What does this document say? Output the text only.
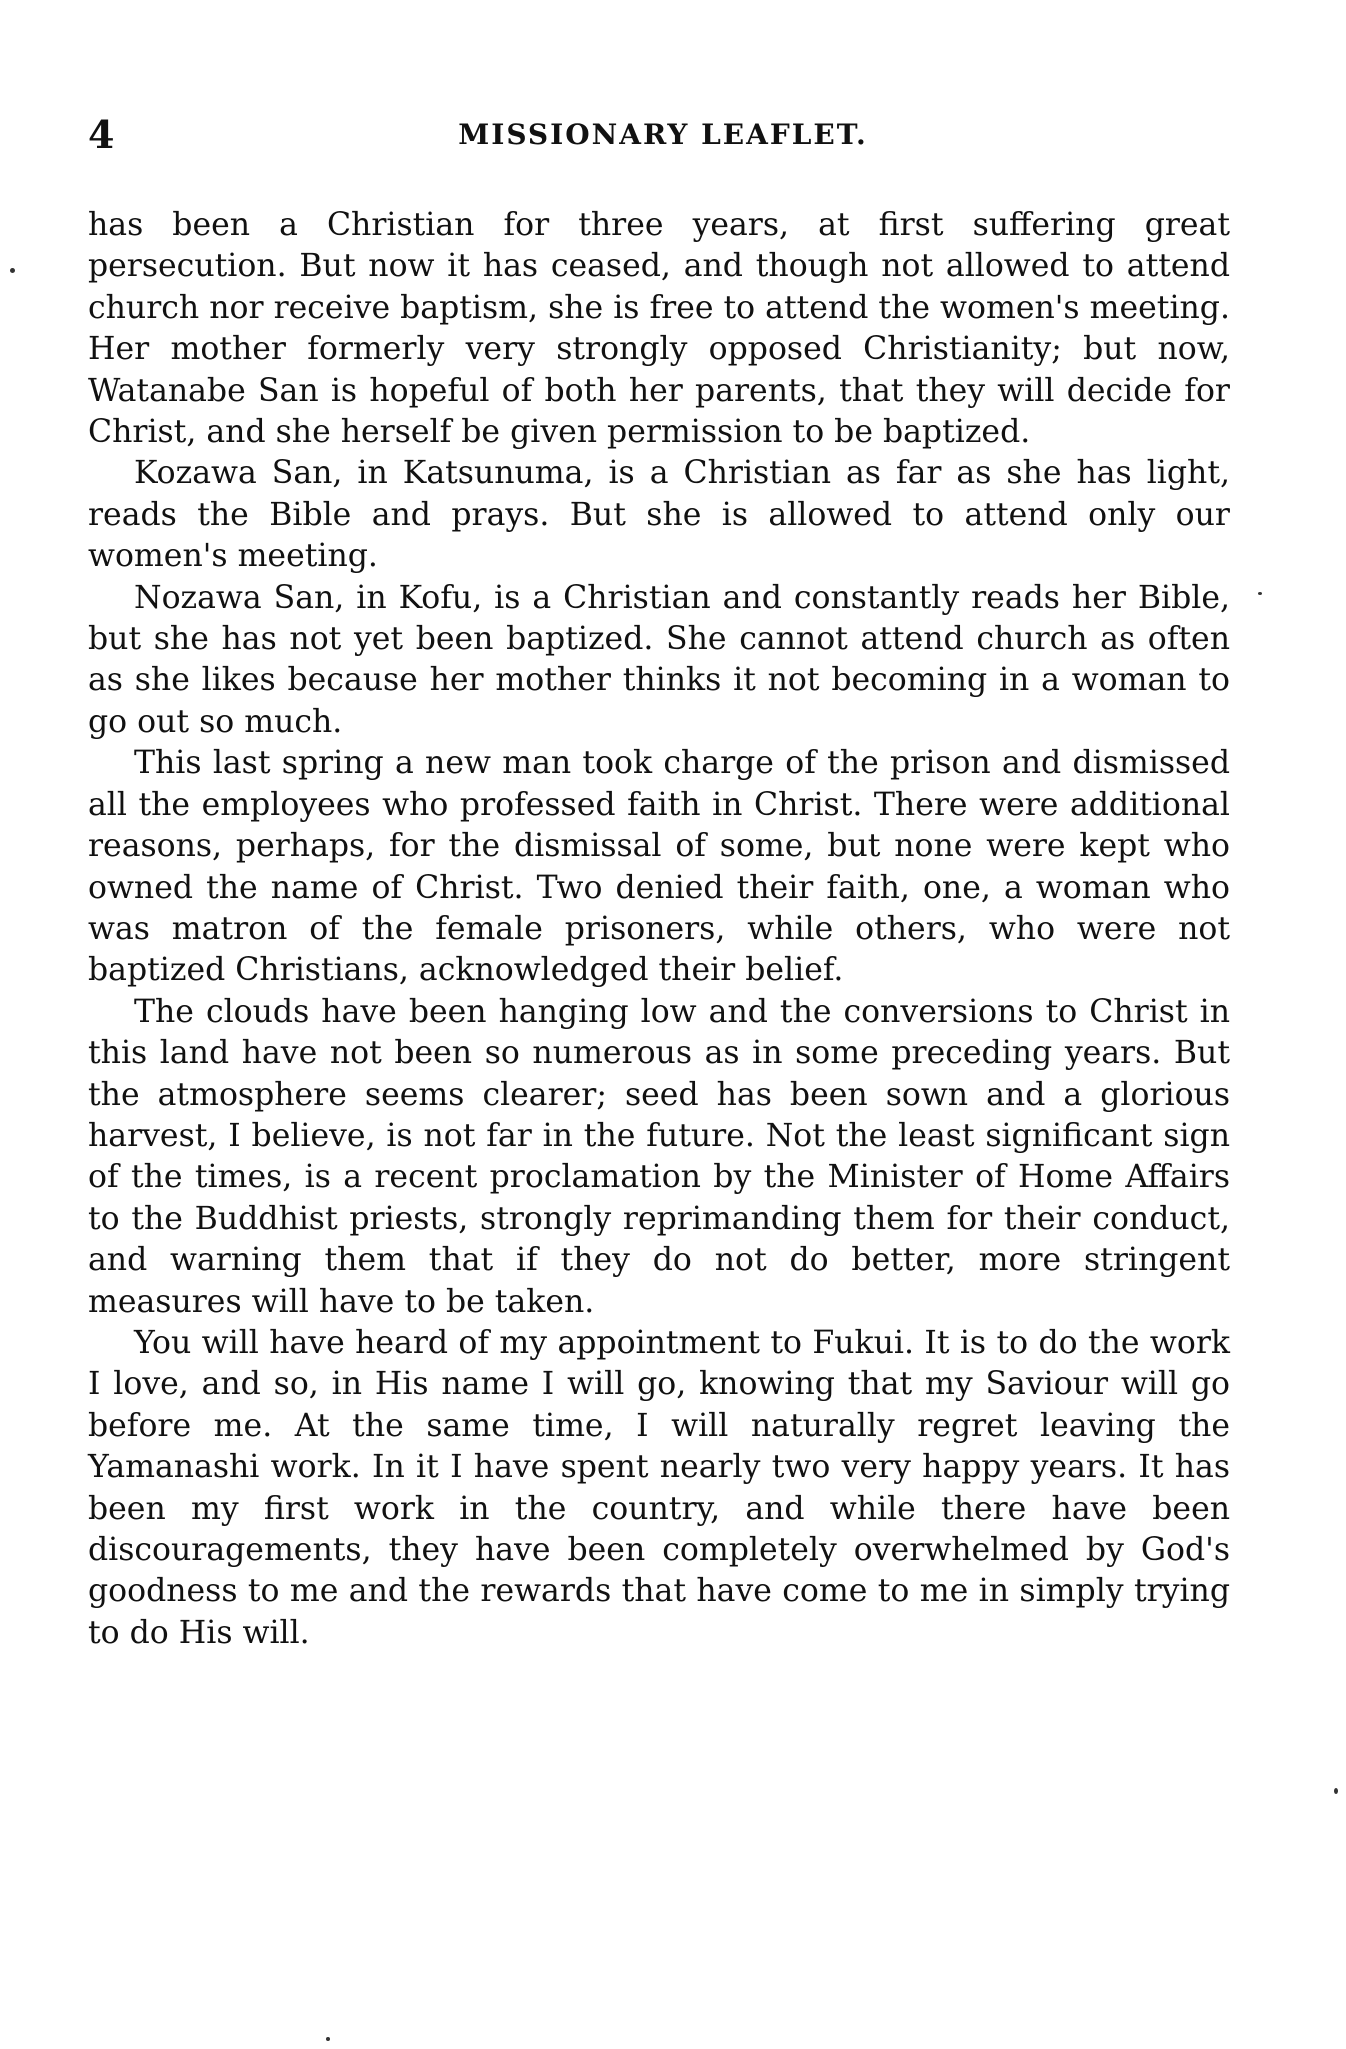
4	MISSIONARY LEAFLET.

has been a Christian for three years, at first suffering great persecution. But now it has ceased, and though not allowed to attend church nor receive baptism, she is free to attend the women's meeting. Her mother formerly very strongly opposed Christianity; but now, Watanabe San is hopeful of both her parents, that they will decide for Christ, and she herself be given permission to be baptized.

Kozawa San, in Katsunuma, is a Christian as far as she has light, reads the Bible and prays. But she is allowed to attend only our women's meeting.

Nozawa San, in Kofu, is a Christian and constantly reads her Bible, but she has not yet been baptized. She cannot attend church as often as she likes because her mother thinks it not becoming in a woman to go out so much.

This last spring a new man took charge of the prison and dismissed all the employees who professed faith in Christ. There were additional reasons, perhaps, for the dismissal of some, but none were kept who owned the name of Christ. Two denied their faith, one, a woman who was matron of the female prisoners, while others, who were not baptized Christians, acknowledged their belief.

The clouds have been hanging low and the conversions to Christ in this land have not been so numerous as in some preceding years. But the atmosphere seems clearer; seed has been sown and a glorious harvest, I believe, is not far in the future. Not the least significant sign of the times, is a recent proclamation by the Minister of Home Affairs to the Buddhist priests, strongly reprimanding them for their conduct, and warning them that if they do not do better, more stringent measures will have to be taken.

You will have heard of my appointment to Fukui. It is to do the work I love, and so, in His name I will go, knowing that my Saviour will go before me. At the same time, I will naturally regret leaving the Yamanashi work. In it I have spent nearly two very happy years. It has been my first work in the country, and while there have been discouragements, they have been completely overwhelmed by God's goodness to me and the rewards that have come to me in simply trying to do His will.
